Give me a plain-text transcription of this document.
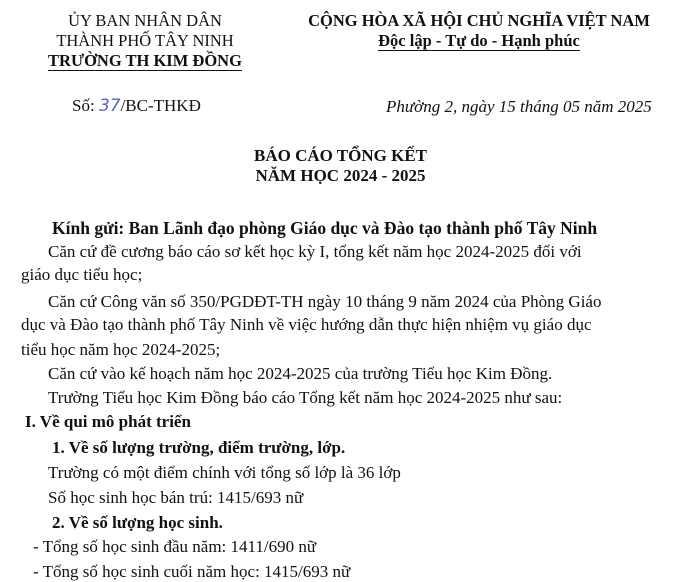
ỦY BAN NHÂN DÂN
THÀNH PHỐ TÂY NINH
TRƯỜNG TH KIM ĐỒNG
CỘNG HÒA XÃ HỘI CHỦ NGHĨA VIỆT NAM
Độc lập - Tự do - Hạnh phúc
Số: 37/BC-THKĐ	Phường 2, ngày 15 tháng 05 năm 2025
BÁO CÁO TỔNG KẾT
NĂM HỌC 2024 - 2025
Kính gửi: Ban Lãnh đạo phòng Giáo dục và Đào tạo thành phố Tây Ninh
Căn cứ đề cương báo cáo sơ kết học kỳ I, tổng kết năm học 2024-2025 đối với
giáo dục tiểu học;
Căn cứ Công văn số 350/PGDĐT-TH ngày 10 tháng 9 năm 2024 của Phòng Giáo
dục và Đào tạo thành phố Tây Ninh về việc hướng dẫn thực hiện nhiệm vụ giáo dục
tiểu học năm học 2024-2025;
Căn cứ vào kế hoạch năm học 2024-2025 của trường Tiểu học Kim Đồng.
Trường Tiểu học Kim Đồng báo cáo Tổng kết năm học 2024-2025 như sau:
I. Về qui mô phát triển
1. Về số lượng trường, điểm trường, lớp.
Trường có một điểm chính với tổng số lớp là 36 lớp
Số học sinh học bán trú: 1415/693 nữ
2. Về số lượng học sinh.
- Tổng số học sinh đầu năm: 1411/690 nữ
- Tổng số học sinh cuối năm học: 1415/693 nữ
